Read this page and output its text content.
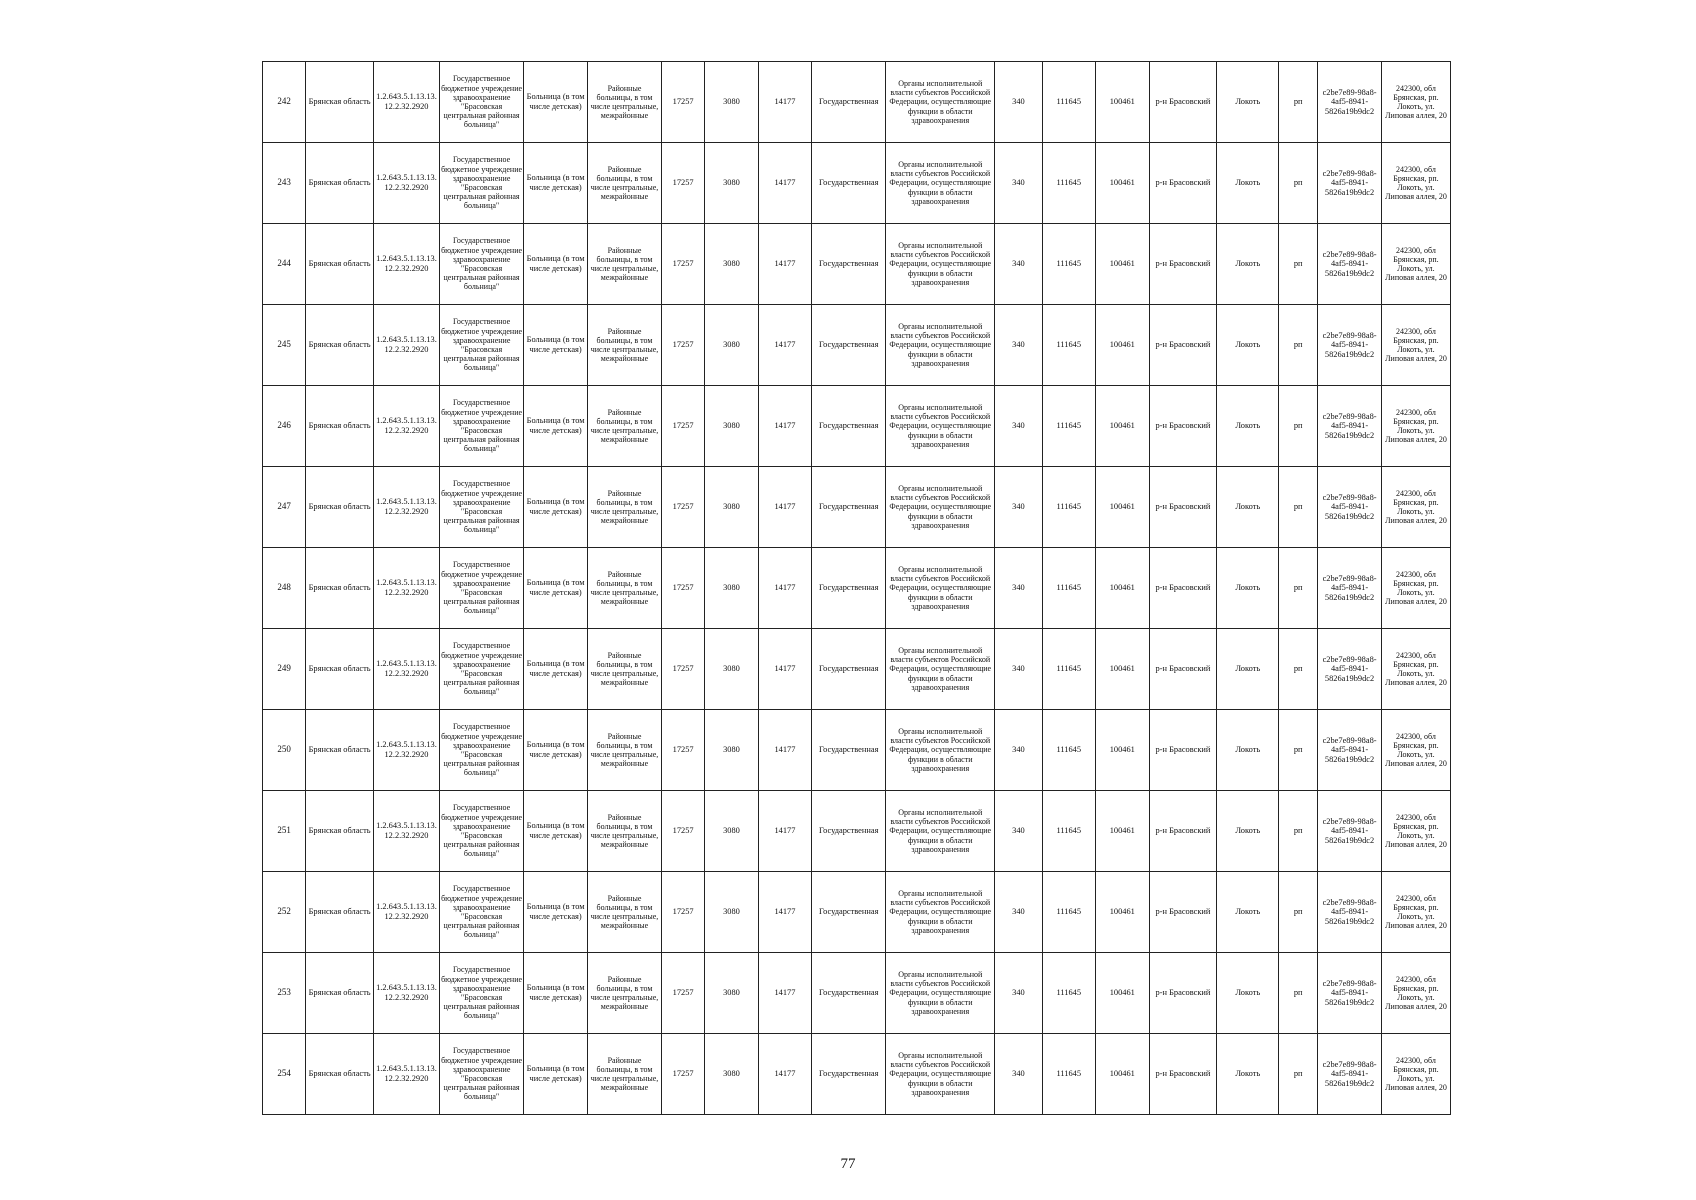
242	Брянская область	1.2.643.5.1.13.13.12.2.32.2920	Государственное бюджетное учреждение здравоохранение "Брасовская центральная районная больница"	Больница (в том числе детская)	Районные больницы, в том числе центральные, межрайонные	17257	3080	14177	Государственная	Органы исполнительной власти субъектов Российской Федерации, осуществляющие функции в области здравоохранения	340	111645	100461	р-н Брасовский	Локоть	рп	c2be7e89-98a8-4af5-8941-5826a19b9dc2	242300, обл Брянская, рп. Локоть, ул. Липовая аллея, 20
243	Брянская область	1.2.643.5.1.13.13.12.2.32.2920	Государственное бюджетное учреждение здравоохранение "Брасовская центральная районная больница"	Больница (в том числе детская)	Районные больницы, в том числе центральные, межрайонные	17257	3080	14177	Государственная	Органы исполнительной власти субъектов Российской Федерации, осуществляющие функции в области здравоохранения	340	111645	100461	р-н Брасовский	Локоть	рп	c2be7e89-98a8-4af5-8941-5826a19b9dc2	242300, обл Брянская, рп. Локоть, ул. Липовая аллея, 20
244	Брянская область	1.2.643.5.1.13.13.12.2.32.2920	Государственное бюджетное учреждение здравоохранение "Брасовская центральная районная больница"	Больница (в том числе детская)	Районные больницы, в том числе центральные, межрайонные	17257	3080	14177	Государственная	Органы исполнительной власти субъектов Российской Федерации, осуществляющие функции в области здравоохранения	340	111645	100461	р-н Брасовский	Локоть	рп	c2be7e89-98a8-4af5-8941-5826a19b9dc2	242300, обл Брянская, рп. Локоть, ул. Липовая аллея, 20
245	Брянская область	1.2.643.5.1.13.13.12.2.32.2920	Государственное бюджетное учреждение здравоохранение "Брасовская центральная районная больница"	Больница (в том числе детская)	Районные больницы, в том числе центральные, межрайонные	17257	3080	14177	Государственная	Органы исполнительной власти субъектов Российской Федерации, осуществляющие функции в области здравоохранения	340	111645	100461	р-н Брасовский	Локоть	рп	c2be7e89-98a8-4af5-8941-5826a19b9dc2	242300, обл Брянская, рп. Локоть, ул. Липовая аллея, 20
246	Брянская область	1.2.643.5.1.13.13.12.2.32.2920	Государственное бюджетное учреждение здравоохранение "Брасовская центральная районная больница"	Больница (в том числе детская)	Районные больницы, в том числе центральные, межрайонные	17257	3080	14177	Государственная	Органы исполнительной власти субъектов Российской Федерации, осуществляющие функции в области здравоохранения	340	111645	100461	р-н Брасовский	Локоть	рп	c2be7e89-98a8-4af5-8941-5826a19b9dc2	242300, обл Брянская, рп. Локоть, ул. Липовая аллея, 20
247	Брянская область	1.2.643.5.1.13.13.12.2.32.2920	Государственное бюджетное учреждение здравоохранение "Брасовская центральная районная больница"	Больница (в том числе детская)	Районные больницы, в том числе центральные, межрайонные	17257	3080	14177	Государственная	Органы исполнительной власти субъектов Российской Федерации, осуществляющие функции в области здравоохранения	340	111645	100461	р-н Брасовский	Локоть	рп	c2be7e89-98a8-4af5-8941-5826a19b9dc2	242300, обл Брянская, рп. Локоть, ул. Липовая аллея, 20
248	Брянская область	1.2.643.5.1.13.13.12.2.32.2920	Государственное бюджетное учреждение здравоохранение "Брасовская центральная районная больница"	Больница (в том числе детская)	Районные больницы, в том числе центральные, межрайонные	17257	3080	14177	Государственная	Органы исполнительной власти субъектов Российской Федерации, осуществляющие функции в области здравоохранения	340	111645	100461	р-н Брасовский	Локоть	рп	c2be7e89-98a8-4af5-8941-5826a19b9dc2	242300, обл Брянская, рп. Локоть, ул. Липовая аллея, 20
249	Брянская область	1.2.643.5.1.13.13.12.2.32.2920	Государственное бюджетное учреждение здравоохранение "Брасовская центральная районная больница"	Больница (в том числе детская)	Районные больницы, в том числе центральные, межрайонные	17257	3080	14177	Государственная	Органы исполнительной власти субъектов Российской Федерации, осуществляющие функции в области здравоохранения	340	111645	100461	р-н Брасовский	Локоть	рп	c2be7e89-98a8-4af5-8941-5826a19b9dc2	242300, обл Брянская, рп. Локоть, ул. Липовая аллея, 20
250	Брянская область	1.2.643.5.1.13.13.12.2.32.2920	Государственное бюджетное учреждение здравоохранение "Брасовская центральная районная больница"	Больница (в том числе детская)	Районные больницы, в том числе центральные, межрайонные	17257	3080	14177	Государственная	Органы исполнительной власти субъектов Российской Федерации, осуществляющие функции в области здравоохранения	340	111645	100461	р-н Брасовский	Локоть	рп	c2be7e89-98a8-4af5-8941-5826a19b9dc2	242300, обл Брянская, рп. Локоть, ул. Липовая аллея, 20
251	Брянская область	1.2.643.5.1.13.13.12.2.32.2920	Государственное бюджетное учреждение здравоохранение "Брасовская центральная районная больница"	Больница (в том числе детская)	Районные больницы, в том числе центральные, межрайонные	17257	3080	14177	Государственная	Органы исполнительной власти субъектов Российской Федерации, осуществляющие функции в области здравоохранения	340	111645	100461	р-н Брасовский	Локоть	рп	c2be7e89-98a8-4af5-8941-5826a19b9dc2	242300, обл Брянская, рп. Локоть, ул. Липовая аллея, 20
252	Брянская область	1.2.643.5.1.13.13.12.2.32.2920	Государственное бюджетное учреждение здравоохранение "Брасовская центральная районная больница"	Больница (в том числе детская)	Районные больницы, в том числе центральные, межрайонные	17257	3080	14177	Государственная	Органы исполнительной власти субъектов Российской Федерации, осуществляющие функции в области здравоохранения	340	111645	100461	р-н Брасовский	Локоть	рп	c2be7e89-98a8-4af5-8941-5826a19b9dc2	242300, обл Брянская, рп. Локоть, ул. Липовая аллея, 20
253	Брянская область	1.2.643.5.1.13.13.12.2.32.2920	Государственное бюджетное учреждение здравоохранение "Брасовская центральная районная больница"	Больница (в том числе детская)	Районные больницы, в том числе центральные, межрайонные	17257	3080	14177	Государственная	Органы исполнительной власти субъектов Российской Федерации, осуществляющие функции в области здравоохранения	340	111645	100461	р-н Брасовский	Локоть	рп	c2be7e89-98a8-4af5-8941-5826a19b9dc2	242300, обл Брянская, рп. Локоть, ул. Липовая аллея, 20
254	Брянская область	1.2.643.5.1.13.13.12.2.32.2920	Государственное бюджетное учреждение здравоохранение "Брасовская центральная районная больница"	Больница (в том числе детская)	Районные больницы, в том числе центральные, межрайонные	17257	3080	14177	Государственная	Органы исполнительной власти субъектов Российской Федерации, осуществляющие функции в области здравоохранения	340	111645	100461	р-н Брасовский	Локоть	рп	c2be7e89-98a8-4af5-8941-5826a19b9dc2	242300, обл Брянская, рп. Локоть, ул. Липовая аллея, 20
77
